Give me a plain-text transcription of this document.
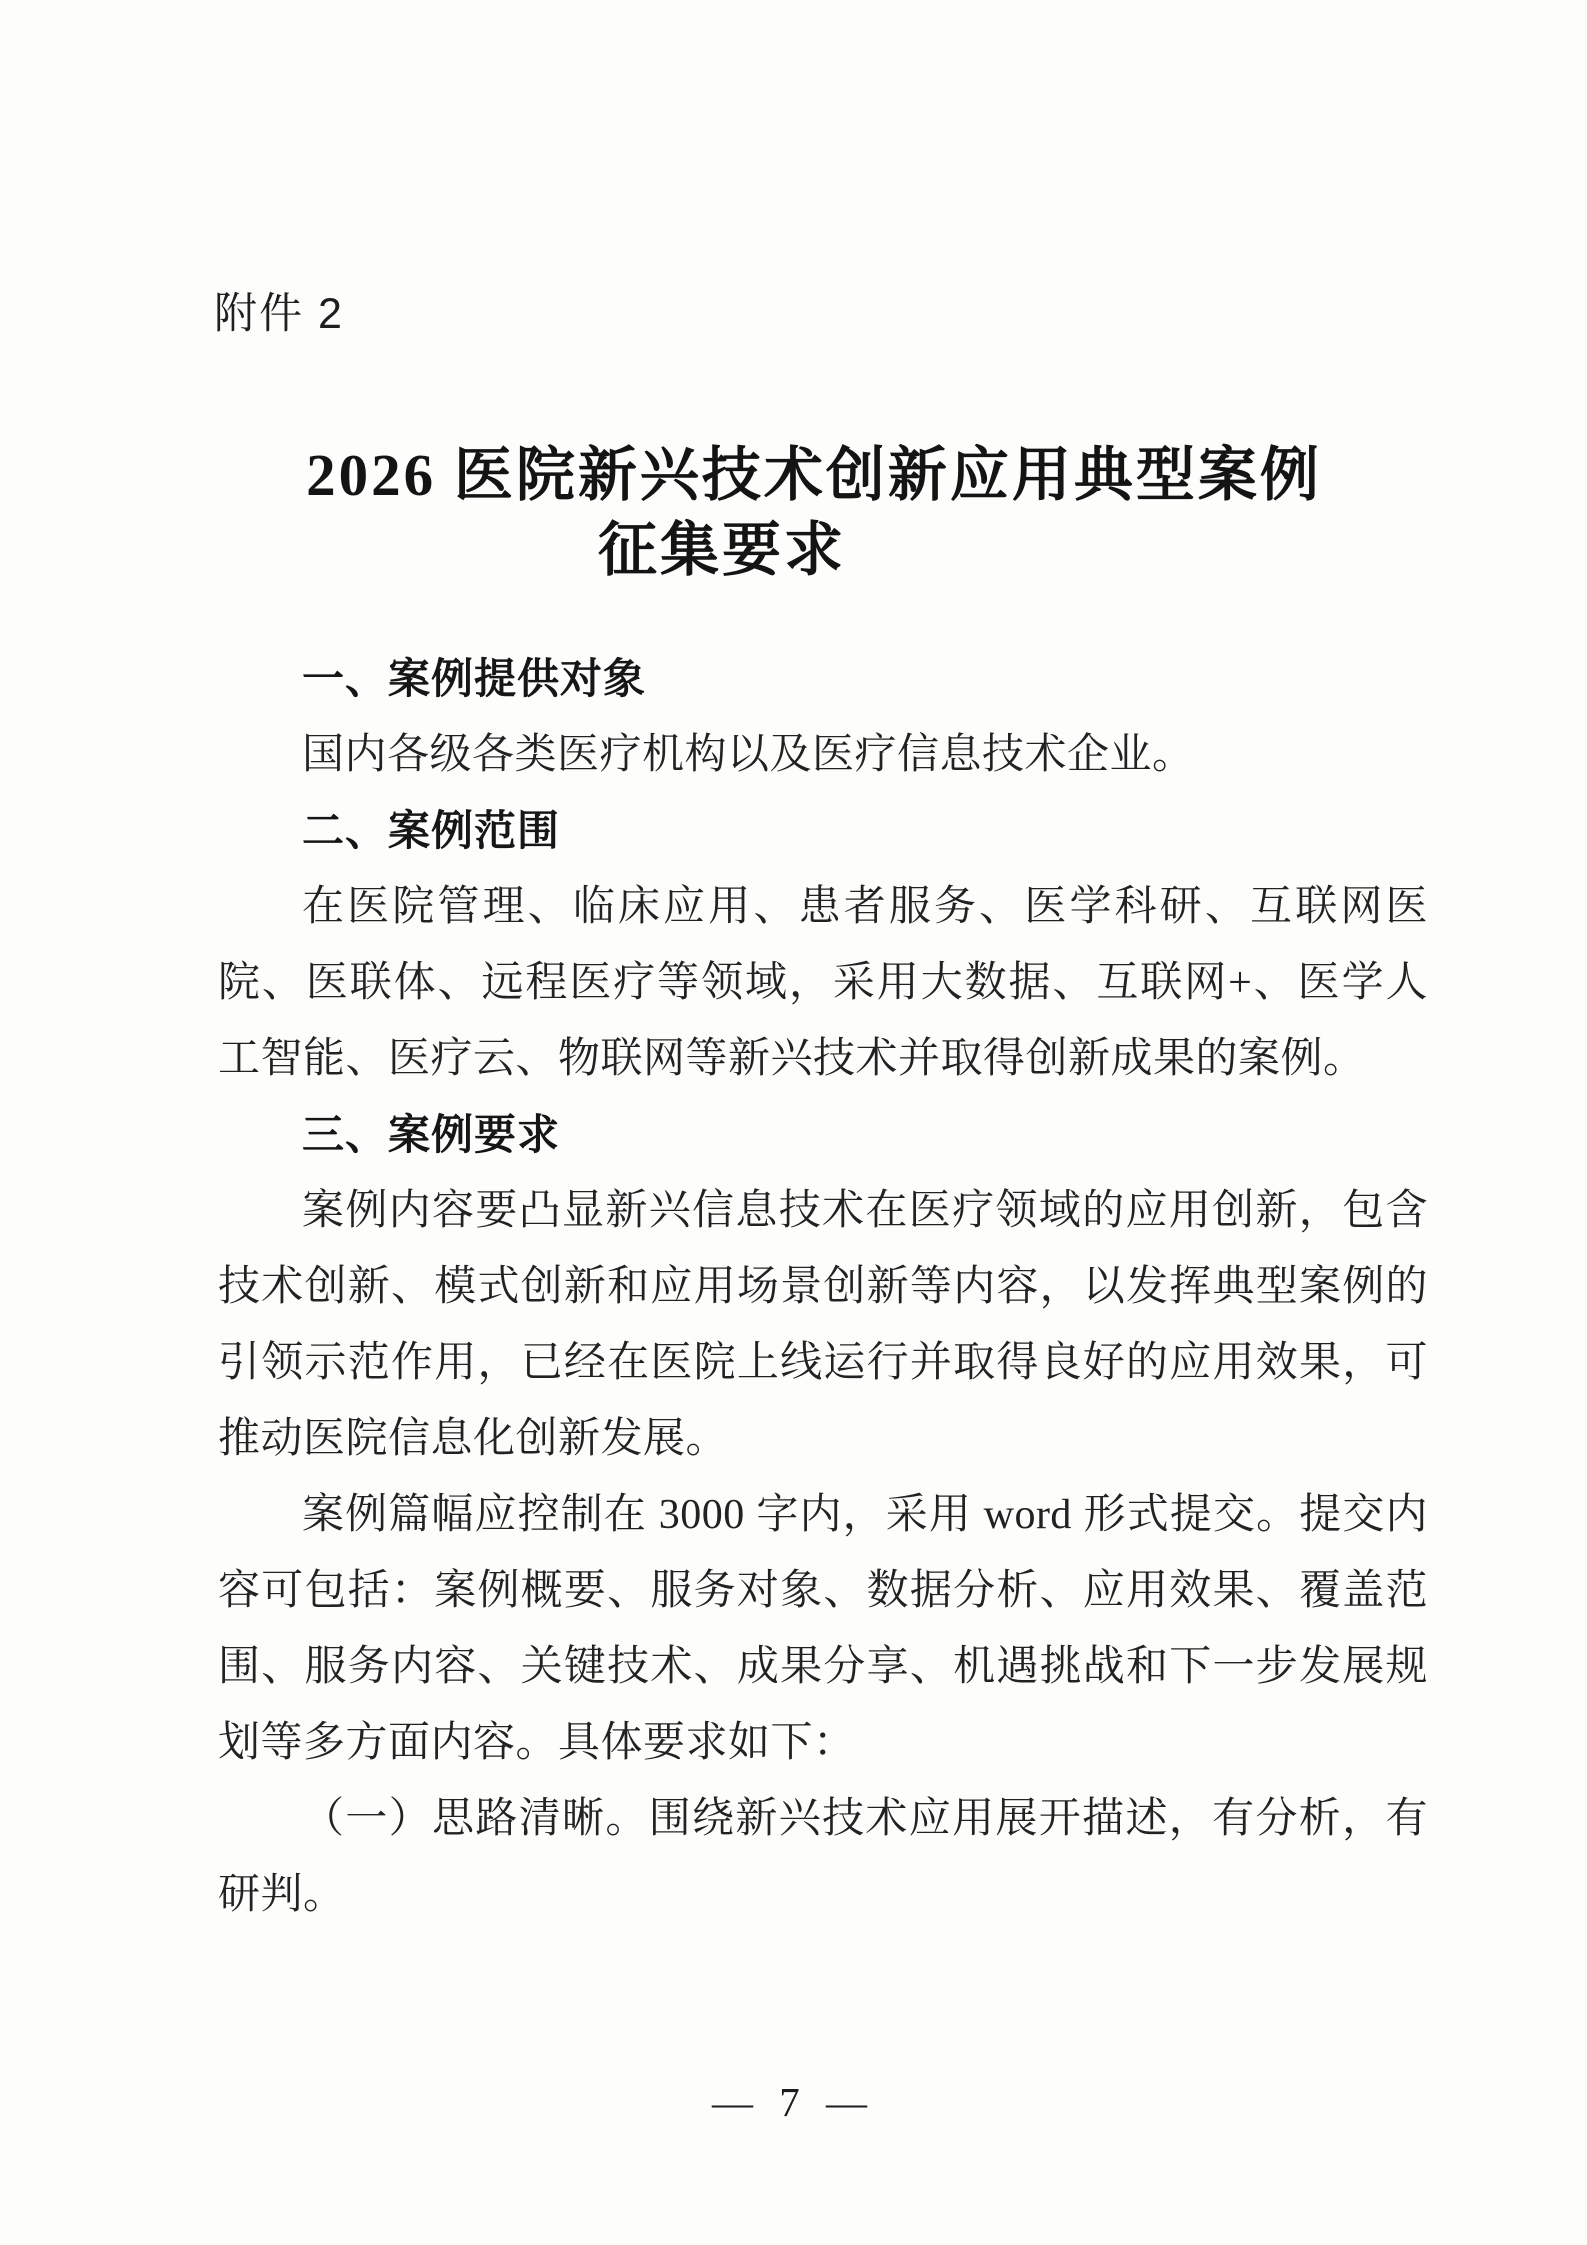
附件 2
2026 医院新兴技术创新应用典型案例
征集要求
一、案例提供对象

国内各级各类医疗机构以及医疗信息技术企业。

二、案例范围

在医院管理、临床应用、患者服务、医学科研、互联网医院、医联体、远程医疗等领域，采用大数据、互联网+、医学人工智能、医疗云、物联网等新兴技术并取得创新成果的案例。

三、案例要求

案例内容要凸显新兴信息技术在医疗领域的应用创新，包含技术创新、模式创新和应用场景创新等内容，以发挥典型案例的引领示范作用，已经在医院上线运行并取得良好的应用效果，可推动医院信息化创新发展。

案例篇幅应控制在 3000 字内，采用 word 形式提交。提交内容可包括：案例概要、服务对象、数据分析、应用效果、覆盖范围、服务内容、关键技术、成果分享、机遇挑战和下一步发展规划等多方面内容。具体要求如下：

（一）思路清晰。围绕新兴技术应用展开描述，有分析，有研判。

— 7 —
